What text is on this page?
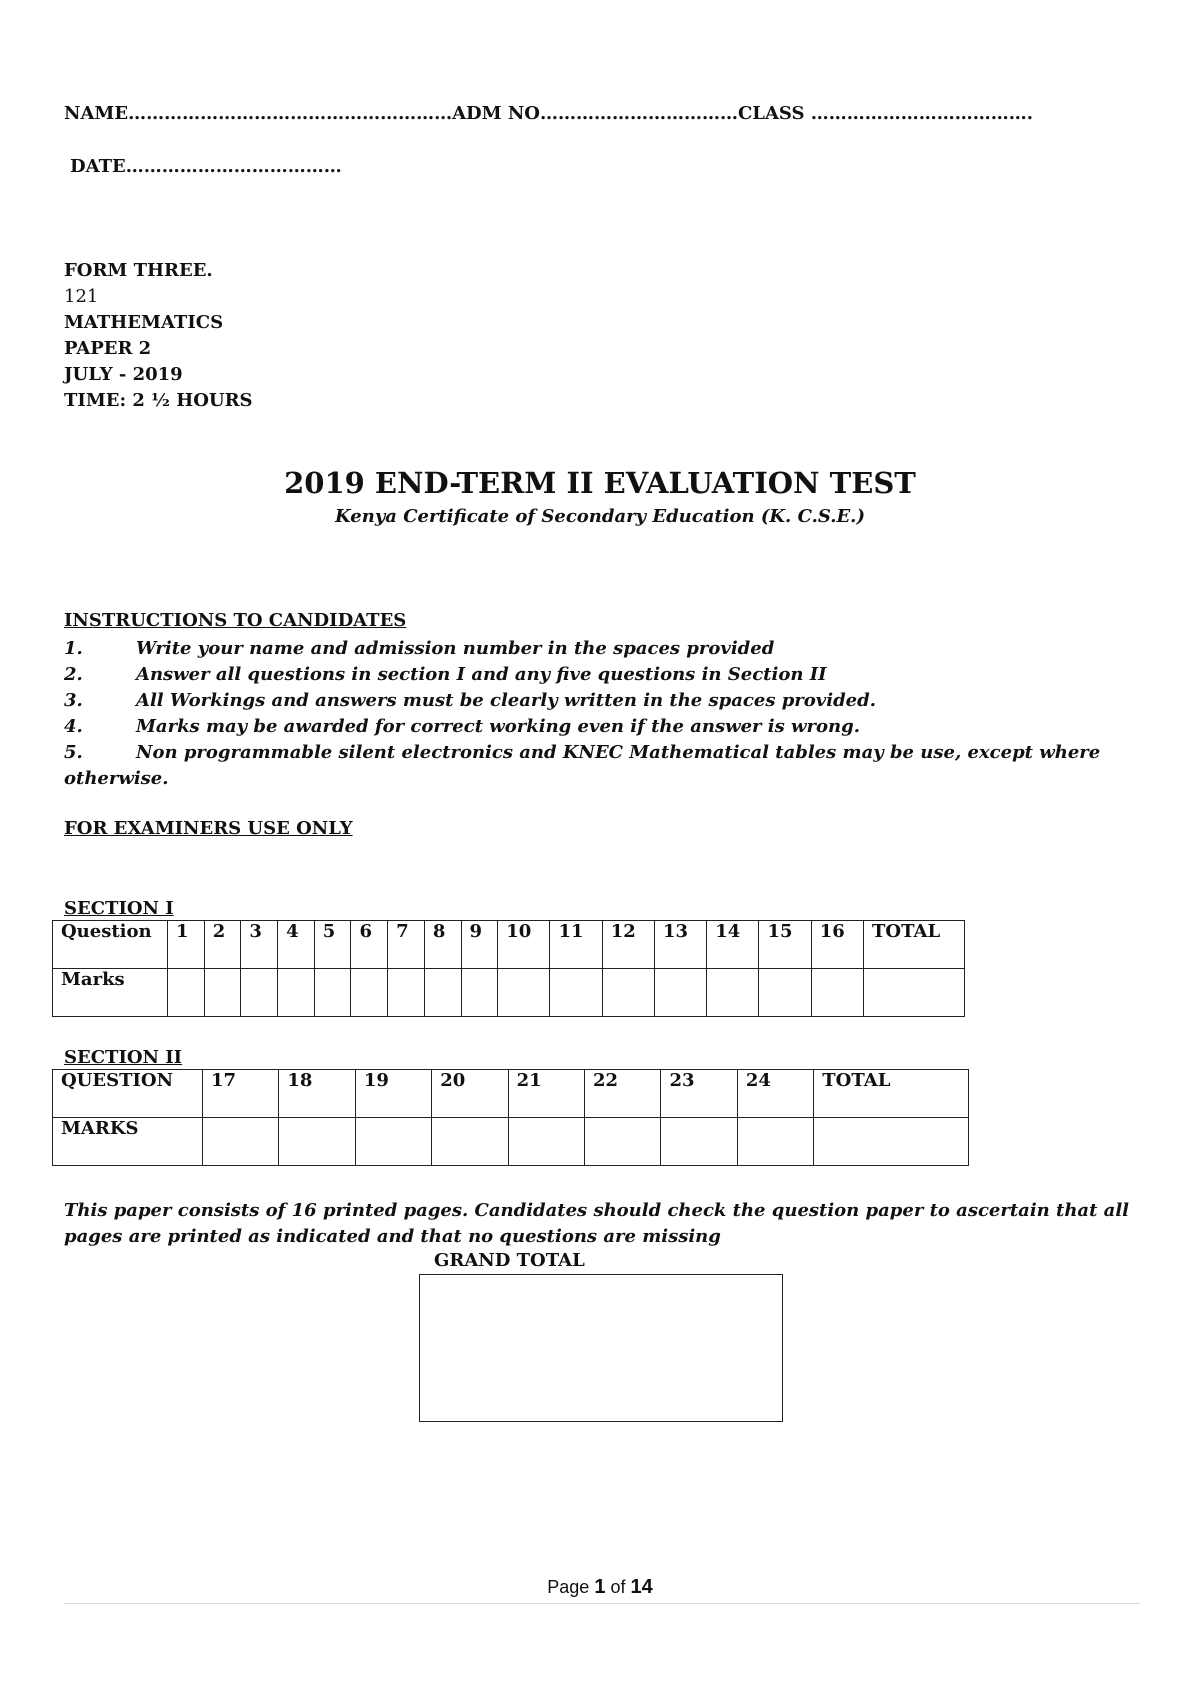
NAME………………………………………………ADM NO……………………………CLASS ……………………………….
DATE………………………………
FORM THREE.
121
MATHEMATICS
PAPER 2
JULY - 2019
TIME: 2 ½ HOURS
2019 END-TERM II EVALUATION TEST
Kenya Certificate of Secondary Education (K. C.S.E.)
INSTRUCTIONS TO CANDIDATES
1.	Write your name and admission number in the spaces provided
2.	Answer all questions in section I and any five questions in Section II
3.	All Workings and answers must be clearly written in the spaces provided.
4.	Marks may be awarded for correct working even if the answer is wrong.
5.	Non programmable silent electronics and KNEC Mathematical tables may be use, except where
otherwise.
FOR EXAMINERS USE ONLY
SECTION I
Question	1	2	3	4	5	6	7	8	9	10	11	12	13	14	15	16	TOTAL
Marks																	
SECTION II
QUESTION	17	18	19	20	21	22	23	24	TOTAL
MARKS									
This paper consists of 16 printed pages. Candidates should check the question paper to ascertain that all pages are printed as indicated and that no questions are missing
GRAND TOTAL
Page 1 of 14
